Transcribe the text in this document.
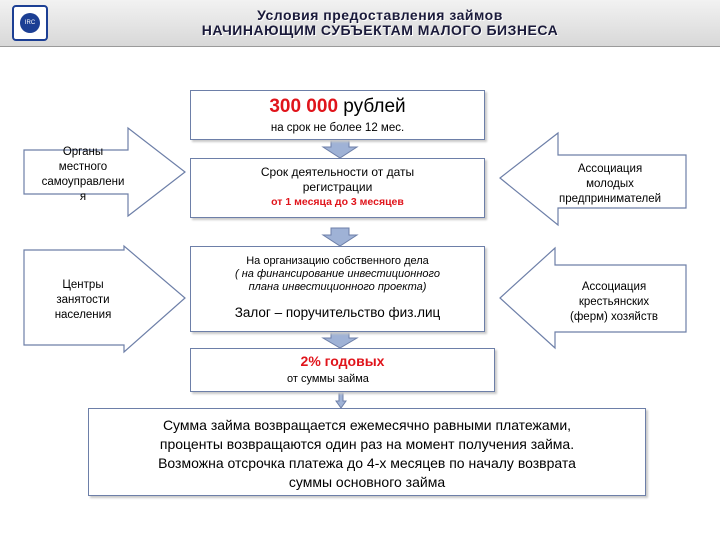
IRC	Условия предоставления займов
НАЧИНАЮЩИМ СУБЪЕКТАМ МАЛОГО БИЗНЕСА
Органы
местного
самоуправлени
я
Центры
занятости
населения
Ассоциация
молодых
предпринимателей
Ассоциация
крестьянских
(ферм) хозяйств
300 000 рублей
на срок не более 12 мес.
Срок деятельности от даты
регистрации
от 1 месяца до 3 месяцев
На организацию собственного дела
( на финансирование инвестиционного
плана инвестиционного проекта)
Залог – поручительство физ.лиц
2% годовых
от суммы займа
Сумма займа возвращается ежемесячно равными платежами,
проценты возвращаются один раз на момент получения займа.
Возможна отсрочка платежа до 4-х месяцев по началу возврата
суммы основного займа
